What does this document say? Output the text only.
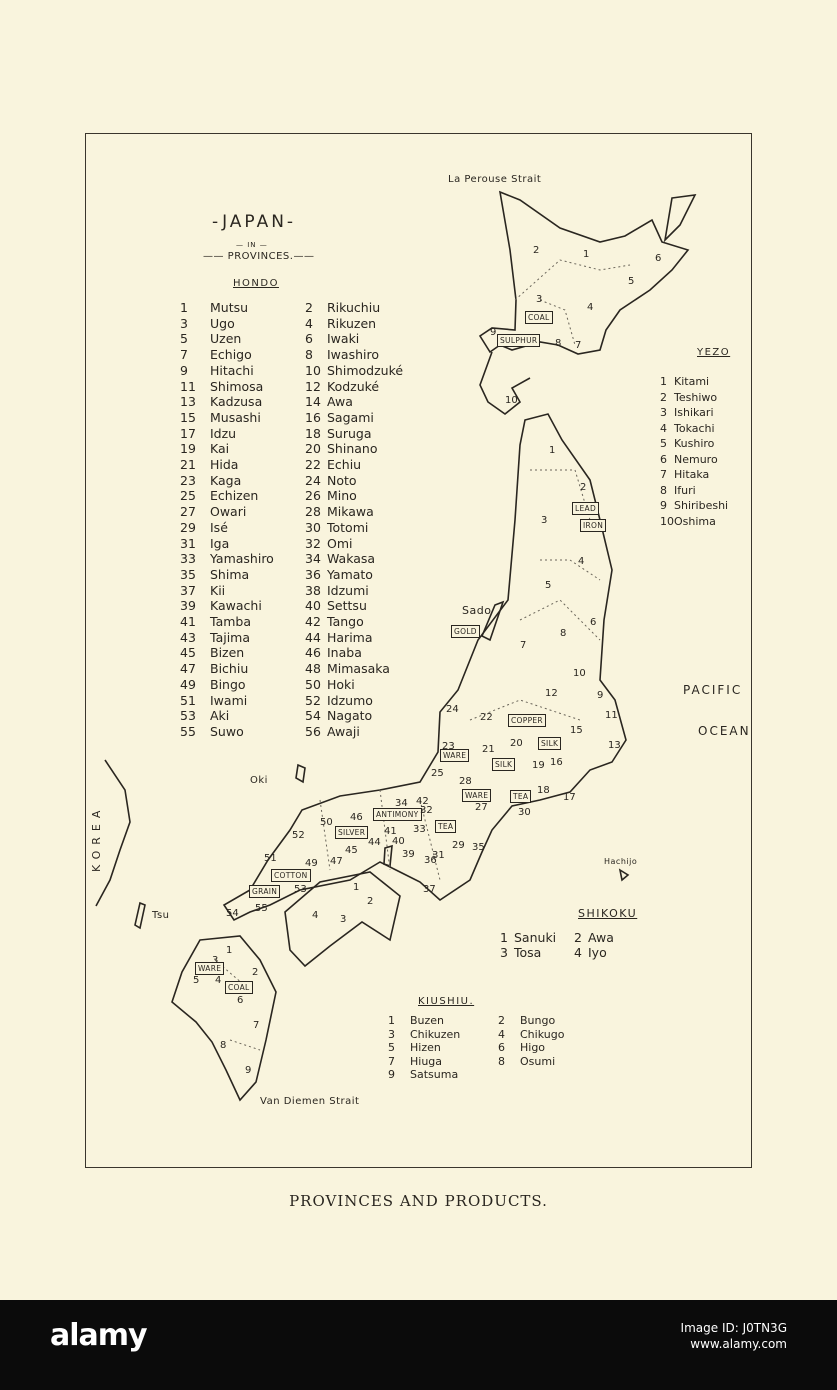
-JAPAN-
— IN —
—— PROVINCES.——
HONDO
1	Mutsu	2	Rikuchiu
3	Ugo	4	Rikuzen
5	Uzen	6	Iwaki
7	Echigo	8	Iwashiro
9	Hitachi	10 Shimodzuké
11	Shimosa	12 Kodzuké
13	Kadzusa	14 Awa
15	Musashi	16 Sagami
17	Idzu	18 Suruga
19	Kai	20 Shinano
21	Hida	22 Echiu
23	Kaga	24 Noto
25	Echizen	26 Mino
27	Owari	28 Mikawa
29	Isé	30 Totomi
31	Iga	32 Omi
33	Yamashiro	34 Wakasa
35	Shima	36 Yamato
37	Kii	38 Idzumi
39	Kawachi	40 Settsu
41	Tamba	42 Tango
43	Tajima	44 Harima
45	Bizen	46 Inaba
47	Bichiu	48 Mimasaka
49	Bingo	50 Hoki
51	Iwami	52 Idzumo
53	Aki	54 Nagato
55	Suwo	56 Awaji
YEZO
1 Kitami
2 Teshiwo
3 Ishikari
4 Tokachi
5 Kushiro
6 Nemuro
7 Hitaka
8 Ifuri
9 Shiribeshi
10 Oshima
SHIKOKU
1 Sanuki	2 Awa
3 Tosa	4 Iyo
KIUSHIU.
1	Buzen	2	Bungo
3	Chikuzen	4	Chikugo
5	Hizen	6	Higo
7	Hiuga	8	Osumi
9	Satsuma
La Perouse Strait
PACIFIC
OCEAN
Sado
Oki
KOREA
Tsu
Hachijo
Van Diemen Strait
COAL
SULPHUR
LEAD
IRON
GOLD
COPPER
SILK
SILK
WARE
WARE	TEA
TEA
ANTIMONY
SILVER
COTTON
GRAIN
WARE
COAL
1
2
3
4
5
6
7
8
9
10
1
2
3
4
5
6
7
8
10
9
12
11
13
15
20
22
24
21
23
19 16
25
28
18
17
30
27
32
42
34
46
50
52	41 33
44 40
31
51	49 47
45
36
29 35
39
37
53
55
54
1
2
3
4
1
2
3
4
5
6
7
8
9
PROVINCES AND PRODUCTS.
alamy	Image ID: J0TN3G
www.alamy.com
